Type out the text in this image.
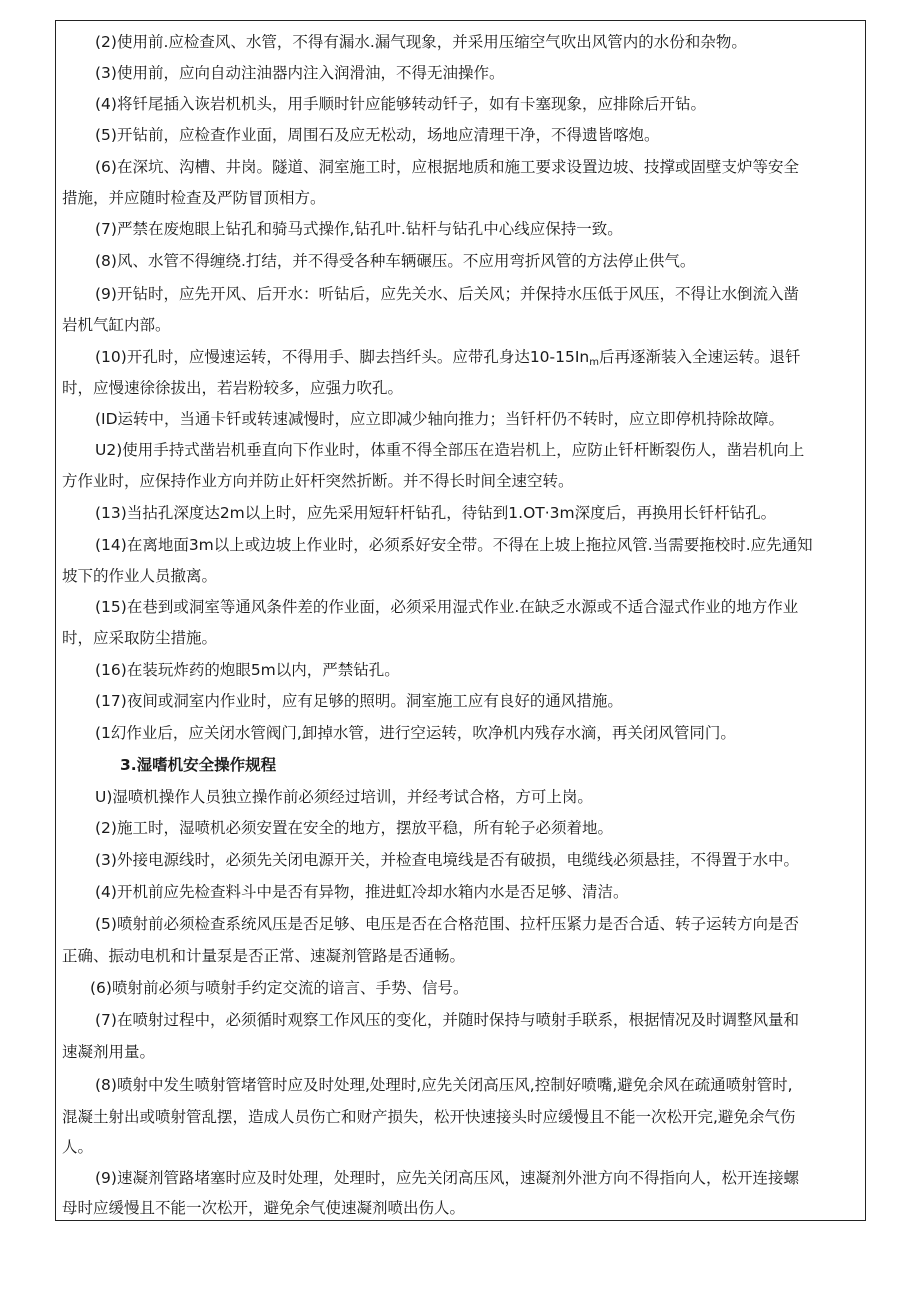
(2)使用前.应检查风、水管，不得有漏水.漏气现象，并采用压缩空气吹出风管内的水份和杂物。
(3)使用前，应向自动注油器内注入润滑油，不得无油操作。
(4)将钎尾插入诙岩机机头，用手顺时针应能够转动钎子，如有卡塞现象，应排除后开钻。
(5)开钻前，应检查作业面，周围石及应无松动，场地应清理干净，不得遗皆喀炮。
(6)在深坑、沟槽、井岗。隧道、洞室施工时，应根据地质和施工要求设置边坡、技撑或固壁支炉等安全
措施，并应随时检查及严防冒顶相方。
(7)严禁在废炮眼上钻孔和骑马式操作,钻孔叶.钻杆与钻孔中心线应保持一致。
(8)风、水管不得缠绕.打结，并不得受各种车辆碾压。不应用弯折风管的方法停止供气。
(9)开钻时，应先开风、后开水：听钻后，应先关水、后关风；并保持水压低于风压，不得让水倒流入凿
岩机气缸内部。
(10)开孔时，应慢速运转，不得用手、脚去挡纤头。应带孔身达$10-15In_m$后再逐渐装入全速运转。退钎
时，应慢速徐徐拔出，若岩粉较多，应强力吹孔。
(ID运转中，当通卡钎或转速减慢时，应立即减少轴向推力；当钎杆仍不转时，应立即停机持除故障。
U2)使用手持式凿岩机垂直向下作业时，体重不得全部压在造岩机上，应防止钎杆断裂伤人，凿岩机向上
方作业时，应保持作业方向并防止奸杆突然折断。并不得长时间全速空转。
(13)当拈孔深度达2m以上时，应先采用短轩杆钻孔，待钻到1.OT·3m深度后，再换用长钎杆钻孔。
(14)在离地面3m以上或边坡上作业时，必须系好安全带。不得在上坡上拖拉风管.当需要拖校时.应先通知
坡下的作业人员撤离。
(15)在巷到或洞室等通风条件差的作业面，必须采用湿式作业.在缺乏水源或不适合湿式作业的地方作业
时，应采取防尘措施。
(16)在装玩炸药的炮眼5m以内，严禁钻孔。
(17)夜间或洞室内作业时，应有足够的照明。洞室施工应有良好的通风措施。
(1幻作业后，应关闭水管阀门,卸掉水管，进行空运转，吹净机内残存水滴，再关闭风管同门。
3.湿嗜机安全操作规程
U)湿喷机操作人员独立操作前必须经过培训，并经考试合格，方可上岗。
(2)施工时，湿喷机必须安置在安全的地方，摆放平稳，所有轮子必须着地。
(3)外接电源线时，必须先关闭电源开关，并检查电境线是否有破损，电缆线必须悬挂，不得置于水中。
(4)开机前应先检查料斗中是否有异物，推进虹冷却水箱内水是否足够、清洁。
(5)喷射前必须检查系统风压是否足够、电压是否在合格范围、拉杆压紧力是否合适、转子运转方向是否
正确、振动电机和计量泵是否正常、速凝剂管路是否通畅。
(6)喷射前必须与喷射手约定交流的谙言、手势、信号。
(7)在喷射过程中，必须循时观察工作风压的变化，并随时保持与喷射手联系，根据情况及时调整风量和
速凝剂用量。
(8)喷射中发生喷射管堵管时应及时处理,处理时,应先关闭高压风,控制好喷嘴,避免余风在疏通喷射管时,
混凝土射出或喷射管乱摆，造成人员伤亡和财产损失，松开快速接头时应缓慢且不能一次松开完,避免余气伤
人。
(9)速凝剂管路堵塞时应及时处理，处理时，应先关闭高压风，速凝剂外泄方向不得指向人，松开连接螺
母时应缓慢且不能一次松开，避免余气使速凝剂喷出伤人。
